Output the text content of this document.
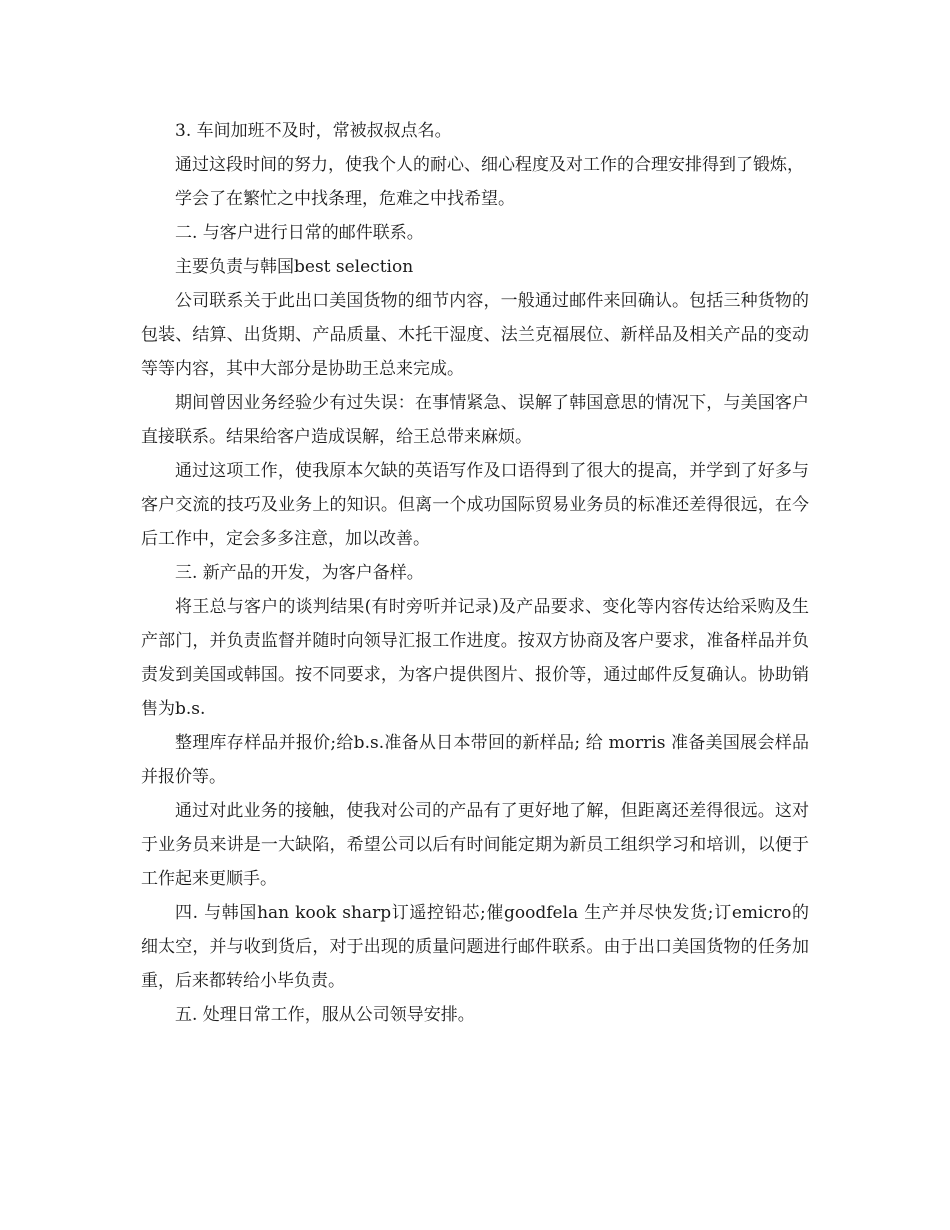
3. 车间加班不及时，常被叔叔点名。

通过这段时间的努力，使我个人的耐心、细心程度及对工作的合理安排得到了锻炼，

学会了在繁忙之中找条理，危难之中找希望。

二. 与客户进行日常的邮件联系。

主要负责与韩国best selection

公司联系关于此出口美国货物的细节内容，一般通过邮件来回确认。包括三种货物的包装、结算、出货期、产品质量、木托干湿度、法兰克福展位、新样品及相关产品的变动等等内容，其中大部分是协助王总来完成。

期间曾因业务经验少有过失误：在事情紧急、误解了韩国意思的情况下，与美国客户直接联系。结果给客户造成误解，给王总带来麻烦。

通过这项工作，使我原本欠缺的英语写作及口语得到了很大的提高，并学到了好多与客户交流的技巧及业务上的知识。但离一个成功国际贸易业务员的标准还差得很远，在今后工作中，定会多多注意，加以改善。

三. 新产品的开发，为客户备样。

将王总与客户的谈判结果(有时旁听并记录)及产品要求、变化等内容传达给采购及生产部门，并负责监督并随时向领导汇报工作进度。按双方协商及客户要求，准备样品并负责发到美国或韩国。按不同要求，为客户提供图片、报价等，通过邮件反复确认。协助销售为b.s.

整理库存样品并报价;给b.s.准备从日本带回的新样品; 给 morris 准备美国展会样品并报价等。

通过对此业务的接触，使我对公司的产品有了更好地了解，但距离还差得很远。这对于业务员来讲是一大缺陷，希望公司以后有时间能定期为新员工组织学习和培训，以便于工作起来更顺手。

四. 与韩国han kook sharp订遥控铅芯;催goodfela 生产并尽快发货;订emicro的细太空，并与收到货后，对于出现的质量问题进行邮件联系。由于出口美国货物的任务加重，后来都转给小毕负责。

五. 处理日常工作，服从公司领导安排。
